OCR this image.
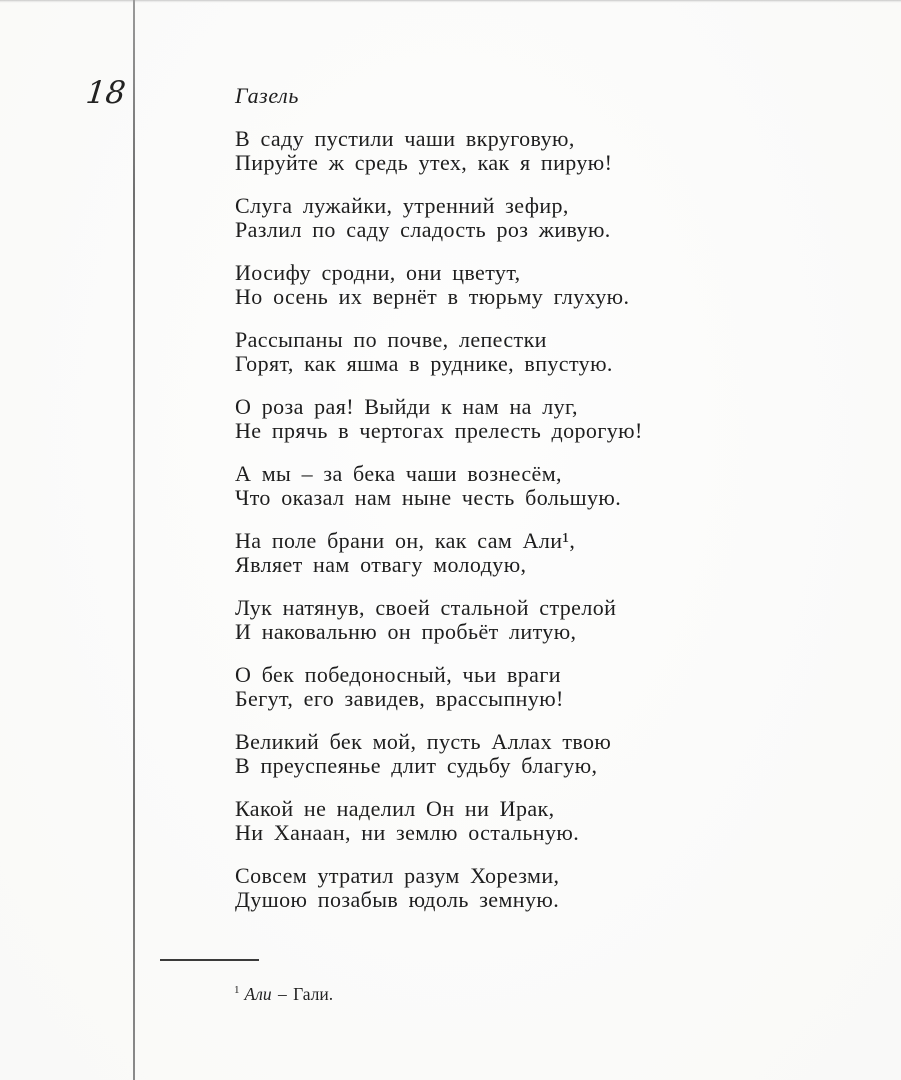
18	Газель
В саду пустили чаши вкруговую,
Пируйте ж средь утех, как я пирую!
Слуга лужайки, утренний зефир,
Разлил по саду сладость роз живую.
Иосифу сродни, они цветут,
Но осень их вернёт в тюрьму глухую.
Рассыпаны по почве, лепестки
Горят, как яшма в руднике, впустую.
О роза рая! Выйди к нам на луг,
Не прячь в чертогах прелесть дорогую!
А мы – за бека чаши вознесём,
Что оказал нам ныне честь большую.
На поле брани он, как сам Али¹,
Являет нам отвагу молодую,
Лук натянув, своей стальной стрелой
И наковальню он пробьёт литую,
О бек победоносный, чьи враги
Бегут, его завидев, врассыпную!
Великий бек мой, пусть Аллах твою
В преуспеянье длит судьбу благую,
Какой не наделил Он ни Ирак,
Ни Ханаан, ни землю остальную.
Совсем утратил разум Хорезми,
Душою позабыв юдоль земную.
$^1$ Али – Гали.
